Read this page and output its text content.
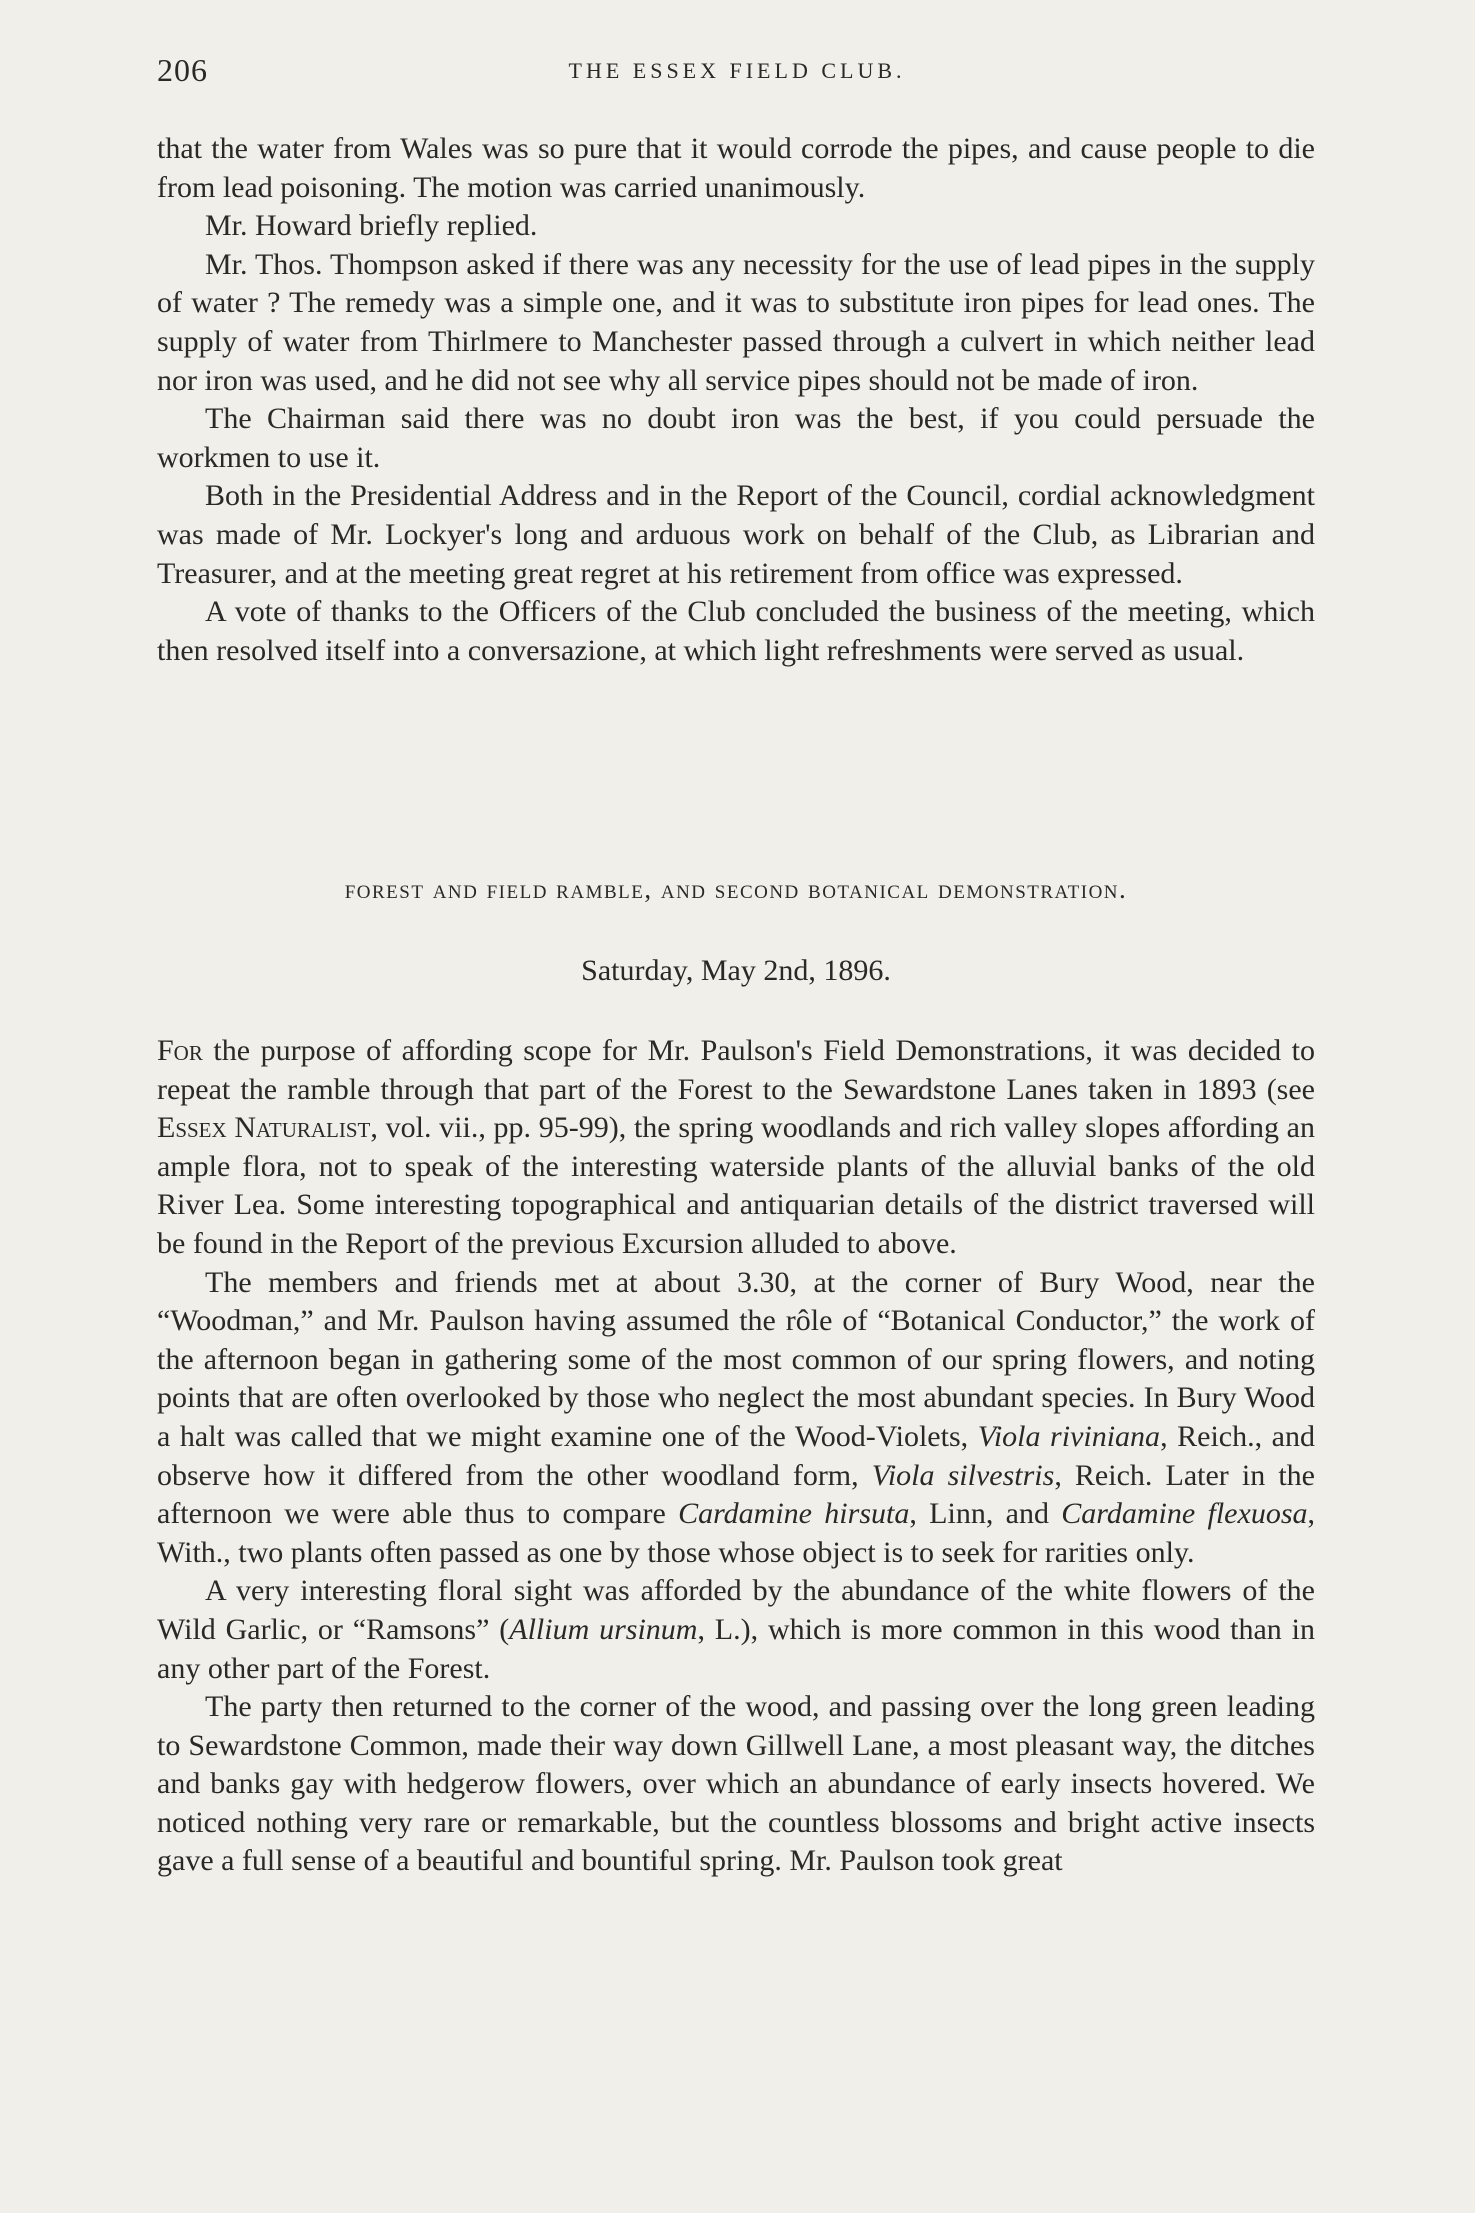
206	THE ESSEX FIELD CLUB.

that the water from Wales was so pure that it would corrode the pipes, and cause people to die from lead poisoning. The motion was carried unanimously.

Mr. Howard briefly replied.

Mr. Thos. Thompson asked if there was any necessity for the use of lead pipes in the supply of water ? The remedy was a simple one, and it was to substitute iron pipes for lead ones. The supply of water from Thirlmere to Manchester passed through a culvert in which neither lead nor iron was used, and he did not see why all service pipes should not be made of iron.

The Chairman said there was no doubt iron was the best, if you could persuade the workmen to use it.

Both in the Presidential Address and in the Report of the Council, cordial acknowledgment was made of Mr. Lockyer's long and arduous work on behalf of the Club, as Librarian and Treasurer, and at the meeting great regret at his retirement from office was expressed.

A vote of thanks to the Officers of the Club concluded the business of the meeting, which then resolved itself into a conversazione, at which light refreshments were served as usual.

forest and field ramble, and second botanical demonstration.
Saturday, May 2nd, 1896.

For the purpose of affording scope for Mr. Paulson's Field Demonstrations, it was decided to repeat the ramble through that part of the Forest to the Sewardstone Lanes taken in 1893 (see Essex Naturalist, vol. vii., pp. 95-99), the spring woodlands and rich valley slopes affording an ample flora, not to speak of the interesting waterside plants of the alluvial banks of the old River Lea. Some interesting topographical and antiquarian details of the district traversed will be found in the Report of the previous Excursion alluded to above.

The members and friends met at about 3.30, at the corner of Bury Wood, near the “Woodman,” and Mr. Paulson having assumed the rôle of “Botanical Conductor,” the work of the afternoon began in gathering some of the most common of our spring flowers, and noting points that are often overlooked by those who neglect the most abundant species. In Bury Wood a halt was called that we might examine one of the Wood-Violets, Viola riviniana, Reich., and observe how it differed from the other woodland form, Viola silvestris, Reich. Later in the afternoon we were able thus to compare Cardamine hirsuta, Linn, and Cardamine flexuosa, With., two plants often passed as one by those whose object is to seek for rarities only.

A very interesting floral sight was afforded by the abundance of the white flowers of the Wild Garlic, or “Ramsons” (Allium ursinum, L.), which is more common in this wood than in any other part of the Forest.

The party then returned to the corner of the wood, and passing over the long green leading to Sewardstone Common, made their way down Gillwell Lane, a most pleasant way, the ditches and banks gay with hedgerow flowers, over which an abundance of early insects hovered. We noticed nothing very rare or remarkable, but the countless blossoms and bright active insects gave a full sense of a beautiful and bountiful spring. Mr. Paulson took great
